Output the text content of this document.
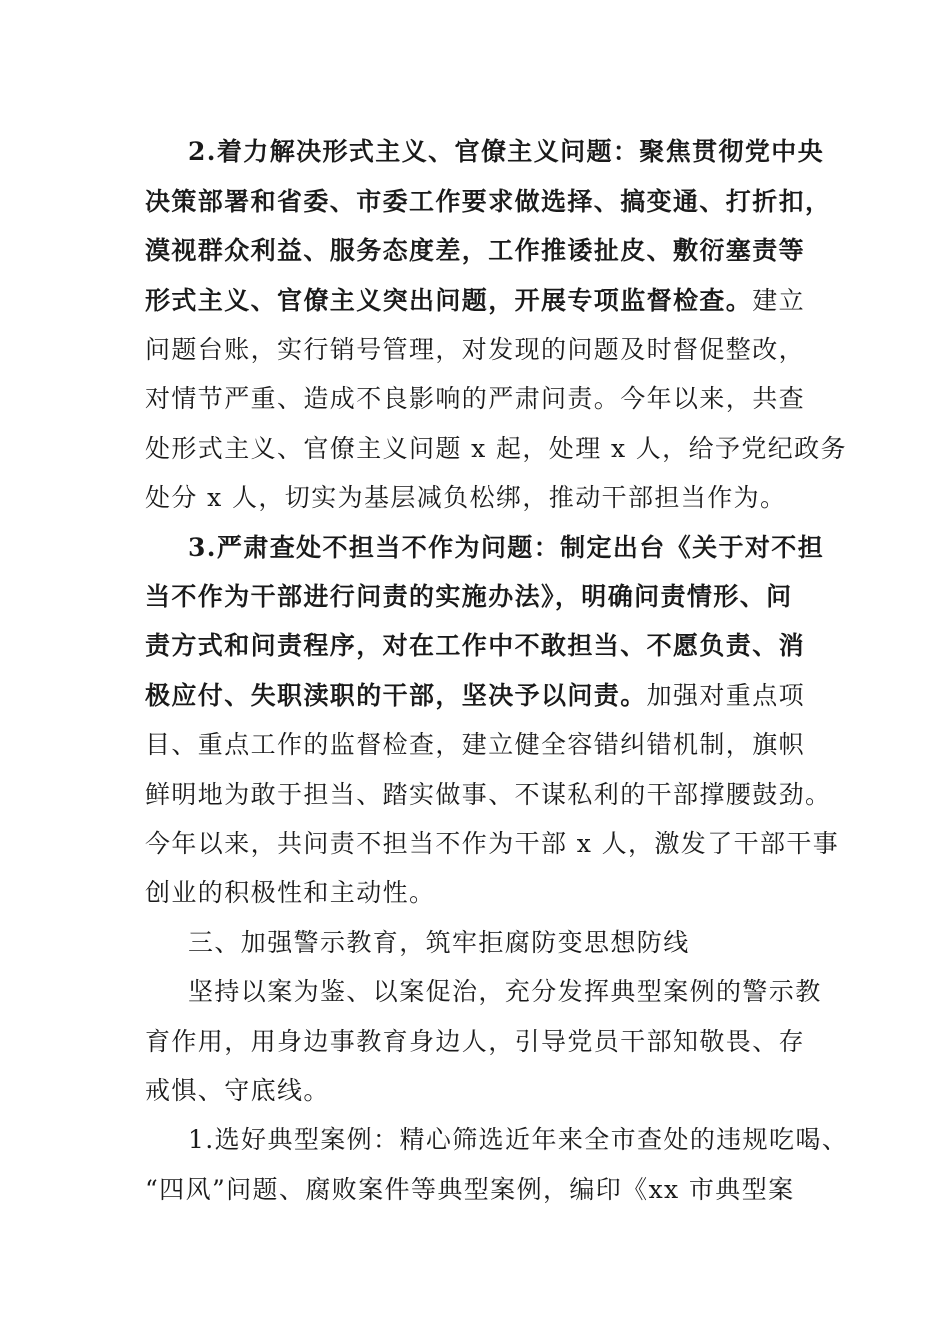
2.着力解决形式主义、官僚主义问题：聚焦贯彻党中央
决策部署和省委、市委工作要求做选择、搞变通、打折扣，
漠视群众利益、服务态度差，工作推诿扯皮、敷衍塞责等
形式主义、官僚主义突出问题，开展专项监督检查。建立
问题台账，实行销号管理，对发现的问题及时督促整改，
对情节严重、造成不良影响的严肃问责。今年以来，共查
处形式主义、官僚主义问题 x 起，处理 x 人，给予党纪政务
处分 x 人，切实为基层减负松绑，推动干部担当作为。
3.严肃查处不担当不作为问题：制定出台《关于对不担
当不作为干部进行问责的实施办法》，明确问责情形、问
责方式和问责程序，对在工作中不敢担当、不愿负责、消
极应付、失职渎职的干部，坚决予以问责。加强对重点项
目、重点工作的监督检查，建立健全容错纠错机制，旗帜
鲜明地为敢于担当、踏实做事、不谋私利的干部撑腰鼓劲。
今年以来，共问责不担当不作为干部 x 人，激发了干部干事
创业的积极性和主动性。
三、加强警示教育，筑牢拒腐防变思想防线
坚持以案为鉴、以案促治，充分发挥典型案例的警示教
育作用，用身边事教育身边人，引导党员干部知敬畏、存
戒惧、守底线。
1.选好典型案例：精心筛选近年来全市查处的违规吃喝、
“四风”问题、腐败案件等典型案例，编印《xx 市典型案
